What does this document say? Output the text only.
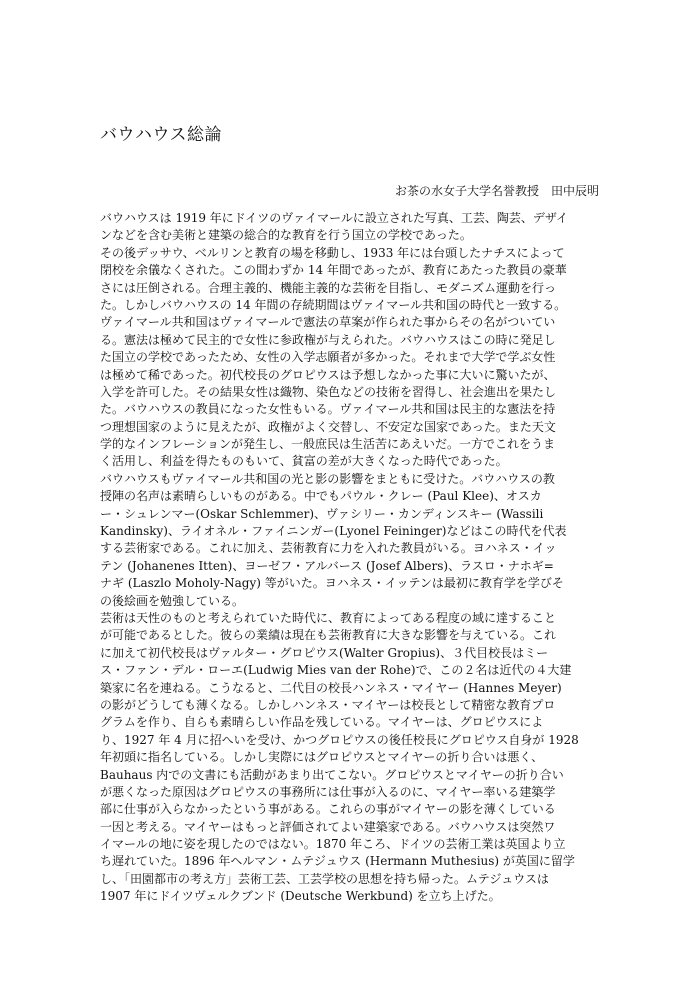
バウハウス総論
お茶の水女子大学名誉教授　田中辰明
バウハウスは 1919 年にドイツのヴァイマールに設立された写真、工芸、陶芸、デザイ
ンなどを含む美術と建築の総合的な教育を行う国立の学校であった。
その後デッサウ、ベルリンと教育の場を移動し、1933 年には台頭したナチスによって
閉校を余儀なくされた。この間わずか 14 年間であったが、教育にあたった教員の豪華
さには圧倒される。合理主義的、機能主義的な芸術を目指し、モダニズム運動を行っ
た。しかしバウハウスの 14 年間の存続期間はヴァイマール共和国の時代と一致する。
ヴァイマール共和国はヴァイマールで憲法の草案が作られた事からその名がついてい
る。憲法は極めて民主的で女性に参政権が与えられた。バウハウスはこの時に発足し
た国立の学校であったため、女性の入学志願者が多かった。それまで大学で学ぶ女性
は極めて稀であった。初代校長のグロピウスは予想しなかった事に大いに驚いたが、
入学を許可した。その結果女性は織物、染色などの技術を習得し、社会進出を果たし
た。バウハウスの教員になった女性もいる。ヴァイマール共和国は民主的な憲法を持
つ理想国家のように見えたが、政権がよく交替し、不安定な国家であった。また天文
学的なインフレーションが発生し、一般庶民は生活苦にあえいだ。一方でこれをうま
く活用し、利益を得たものもいて、貧富の差が大きくなった時代であった。
バウハウスもヴァイマール共和国の光と影の影響をまともに受けた。バウハウスの教
授陣の名声は素晴らしいものがある。中でもパウル・クレー (Paul Klee)、オスカ
ー・シュレンマー(Oskar Schlemmer)、ヴァシリー・カンディンスキー (Wassili
Kandinsky)、ライオネル・ファイニンガー(Lyonel Feininger)などはこの時代を代表
する芸術家である。これに加え、芸術教育に力を入れた教員がいる。ヨハネス・イッ
テン (Johanenes Itten)、ヨーゼフ・アルバース (Josef Albers)、ラスロ・ナホギ=
ナギ (Laszlo Moholy-Nagy) 等がいた。ヨハネス・イッテンは最初に教育学を学びそ
の後絵画を勉強している。
芸術は天性のものと考えられていた時代に、教育によってある程度の域に達すること
が可能であるとした。彼らの業績は現在も芸術教育に大きな影響を与えている。これ
に加えて初代校長はヴァルター・グロピウス(Walter Gropius)、３代目校長はミー
ス・ファン・デル・ローエ(Ludwig Mies van der Rohe)で、この２名は近代の４大建
築家に名を連ねる。こうなると、二代目の校長ハンネス・マイヤー (Hannes Meyer)
の影がどうしても薄くなる。しかしハンネス・マイヤーは校長として精密な教育プロ
グラムを作り、自らも素晴らしい作品を残している。マイヤーは、グロピウスによ
り、1927 年 4 月に招へいを受け、かつグロピウスの後任校長にグロピウス自身が 1928
年初頭に指名している。しかし実際にはグロピウスとマイヤーの折り合いは悪く、
Bauhaus 内での文書にも活動があまり出てこない。グロピウスとマイヤーの折り合い
が悪くなった原因はグロピウスの事務所には仕事が入るのに、マイヤー率いる建築学
部に仕事が入らなかったという事がある。これらの事がマイヤーの影を薄くしている
一因と考える。マイヤーはもっと評価されてよい建築家である。バウハウスは突然ワ
イマールの地に姿を現したのではない。1870 年ころ、ドイツの芸術工業は英国より立
ち遅れていた。1896 年ヘルマン・ムテジュウス (Hermann Muthesius) が英国に留学
し、「田園都市の考え方」芸術工芸、工芸学校の思想を持ち帰った。ムテジュウスは
1907 年にドイツヴェルクブンド (Deutsche Werkbund) を立ち上げた。
